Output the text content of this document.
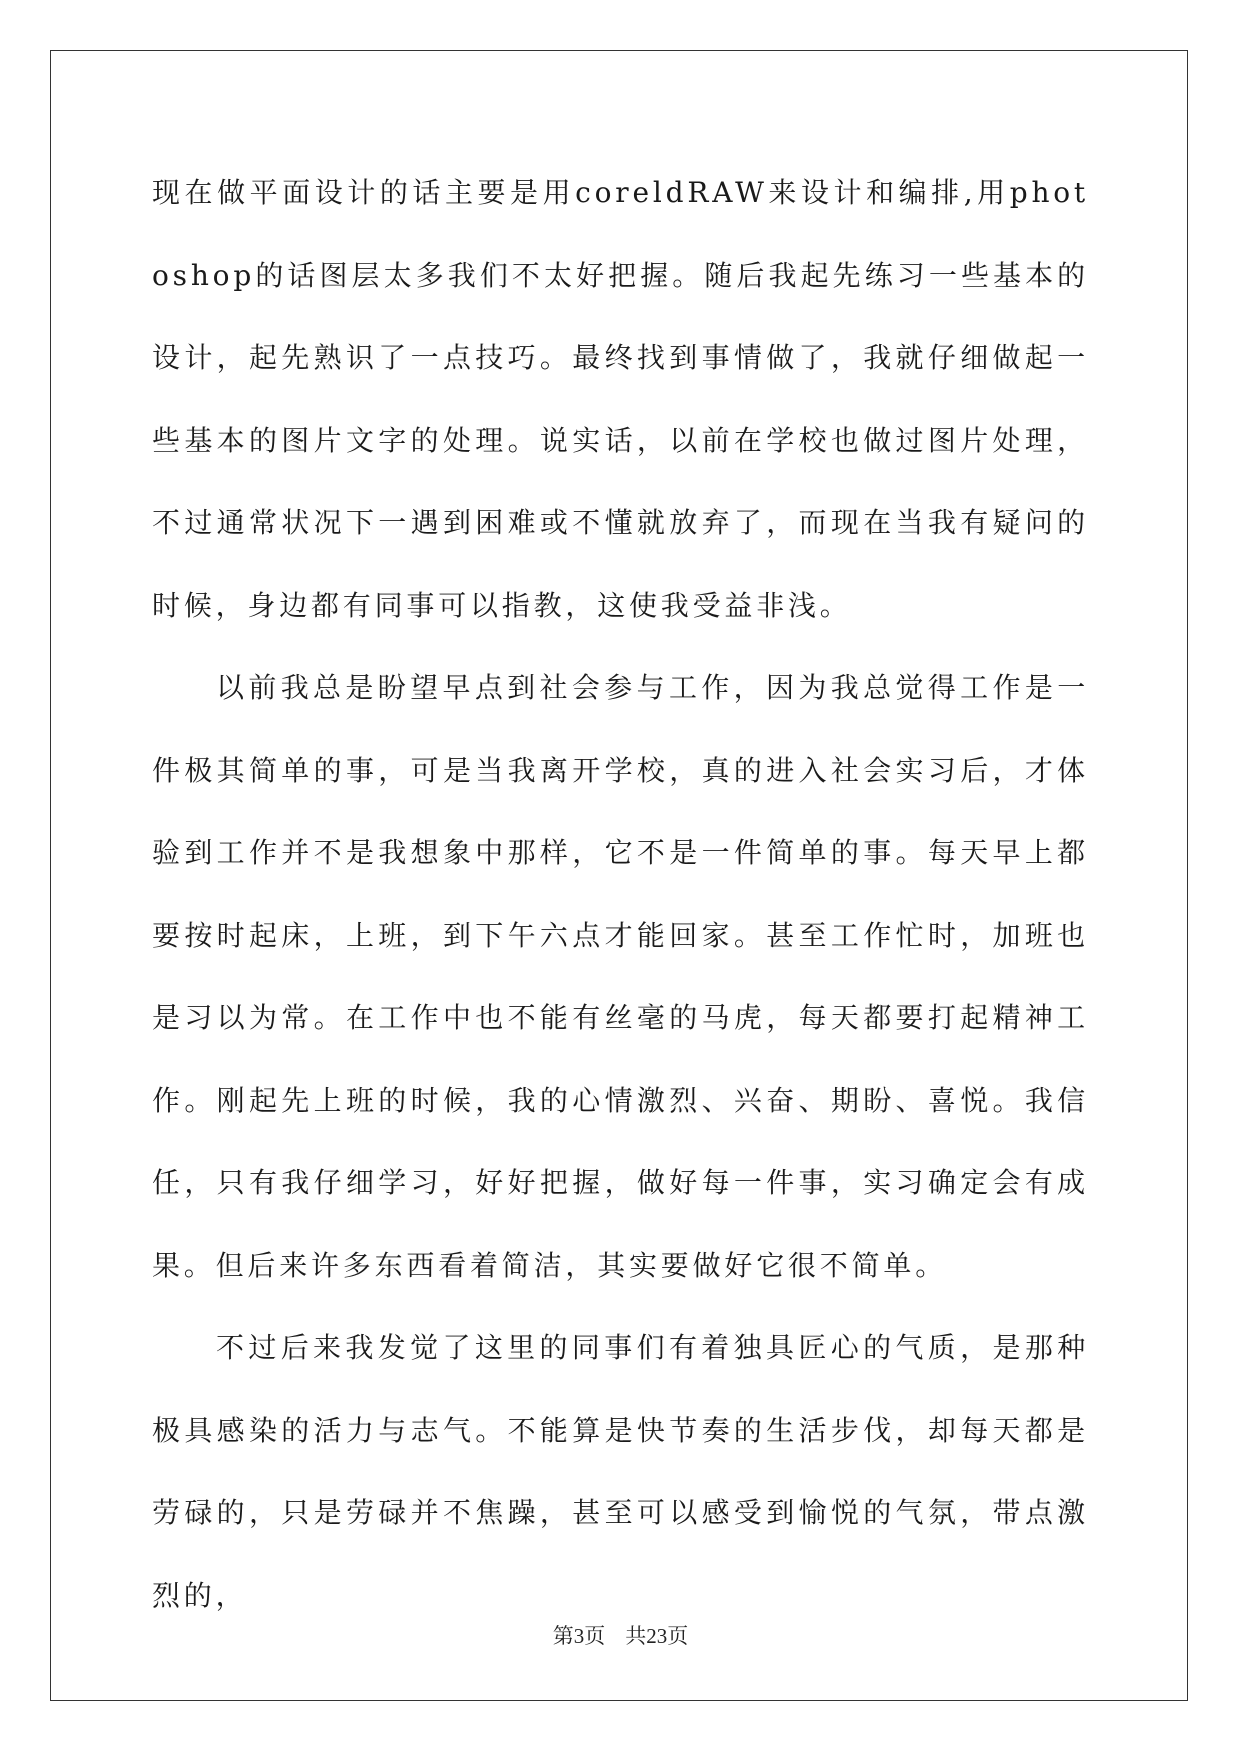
现在做平面设计的话主要是用coreldRAW来设计和编排,用photoshop的话图层太多我们不太好把握。随后我起先练习一些基本的设计，起先熟识了一点技巧。最终找到事情做了，我就仔细做起一些基本的图片文字的处理。说实话，以前在学校也做过图片处理，不过通常状况下一遇到困难或不懂就放弃了，而现在当我有疑问的时候，身边都有同事可以指教，这使我受益非浅。

以前我总是盼望早点到社会参与工作，因为我总觉得工作是一件极其简单的事，可是当我离开学校，真的进入社会实习后，才体验到工作并不是我想象中那样，它不是一件简单的事。每天早上都要按时起床，上班，到下午六点才能回家。甚至工作忙时，加班也是习以为常。在工作中也不能有丝毫的马虎，每天都要打起精神工作。刚起先上班的时候，我的心情激烈、兴奋、期盼、喜悦。我信任，只有我仔细学习，好好把握，做好每一件事，实习确定会有成果。但后来许多东西看着简洁，其实要做好它很不简单。

不过后来我发觉了这里的同事们有着独具匠心的气质，是那种极具感染的活力与志气。不能算是快节奏的生活步伐，却每天都是劳碌的，只是劳碌并不焦躁，甚至可以感受到愉悦的气氛，带点激烈的，

第3页 共23页
